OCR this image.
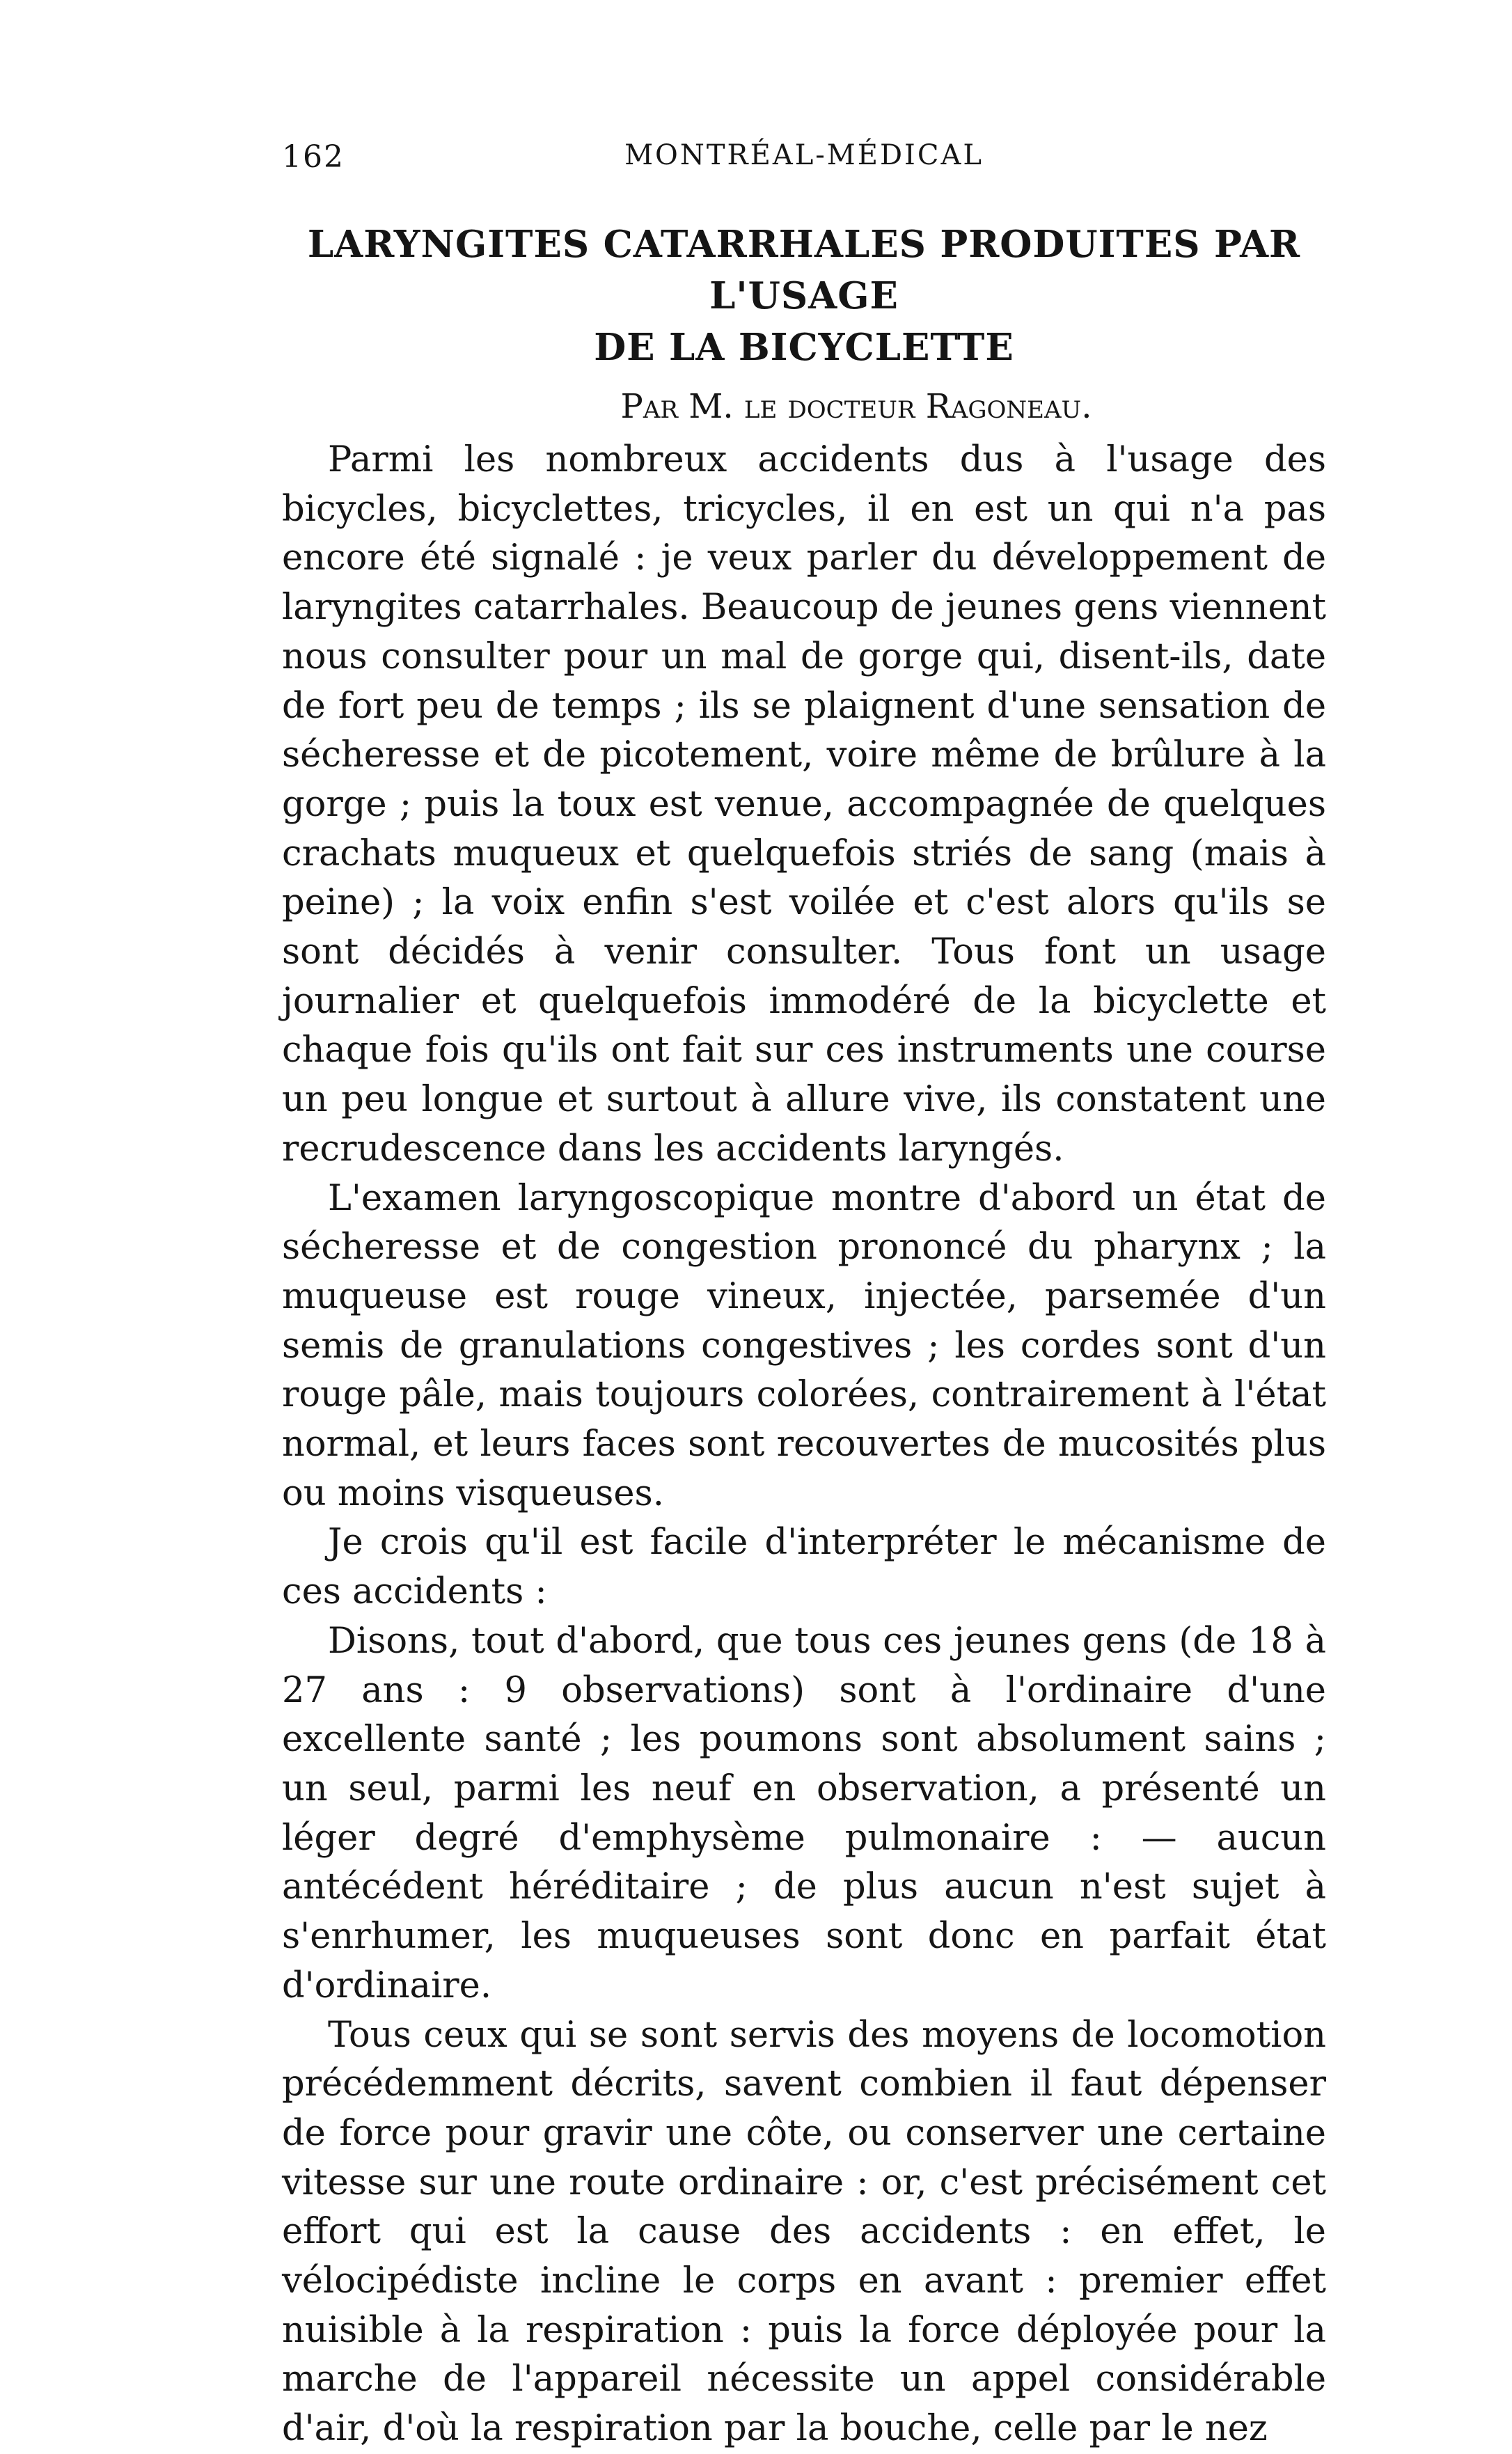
162	MONTRÉAL-MÉDICAL
LARYNGITES CATARRHALES PRODUITES PAR L'USAGE
DE LA BICYCLETTE
Par M. le docteur Ragoneau.

Parmi les nombreux accidents dus à l'usage des bicycles, bicyclettes, tricycles, il en est un qui n'a pas encore été signalé : je veux parler du développement de laryngites catarrhales. Beaucoup de jeunes gens viennent nous consulter pour un mal de gorge qui, disent-ils, date de fort peu de temps ; ils se plaignent d'une sensation de sécheresse et de picotement, voire même de brûlure à la gorge ; puis la toux est venue, accompagnée de quelques crachats muqueux et quelquefois striés de sang (mais à peine) ; la voix enfin s'est voilée et c'est alors qu'ils se sont décidés à venir consulter. Tous font un usage journalier et quelquefois immodéré de la bicyclette et chaque fois qu'ils ont fait sur ces instruments une course un peu longue et surtout à allure vive, ils constatent une recrudescence dans les accidents laryngés.

L'examen laryngoscopique montre d'abord un état de sécheresse et de congestion prononcé du pharynx ; la muqueuse est rouge vineux, injectée, parsemée d'un semis de granulations congestives ; les cordes sont d'un rouge pâle, mais toujours colorées, contrairement à l'état normal, et leurs faces sont recouvertes de mucosités plus ou moins visqueuses.

Je crois qu'il est facile d'interpréter le mécanisme de ces accidents :

Disons, tout d'abord, que tous ces jeunes gens (de 18 à 27 ans : 9 observations) sont à l'ordinaire d'une excellente santé ; les poumons sont absolument sains ; un seul, parmi les neuf en observation, a présenté un léger degré d'emphysème pulmonaire : — aucun antécédent héréditaire ; de plus aucun n'est sujet à s'enrhumer, les muqueuses sont donc en parfait état d'ordinaire.

Tous ceux qui se sont servis des moyens de locomotion précédemment décrits, savent combien il faut dépenser de force pour gravir une côte, ou conserver une certaine vitesse sur une route ordinaire : or, c'est précisément cet effort qui est la cause des accidents : en effet, le vélocipédiste incline le corps en avant : premier effet nuisible à la respiration : puis la force déployée pour la marche de l'appareil nécessite un appel considérable d'air, d'où la respiration par la bouche, celle par le nez
